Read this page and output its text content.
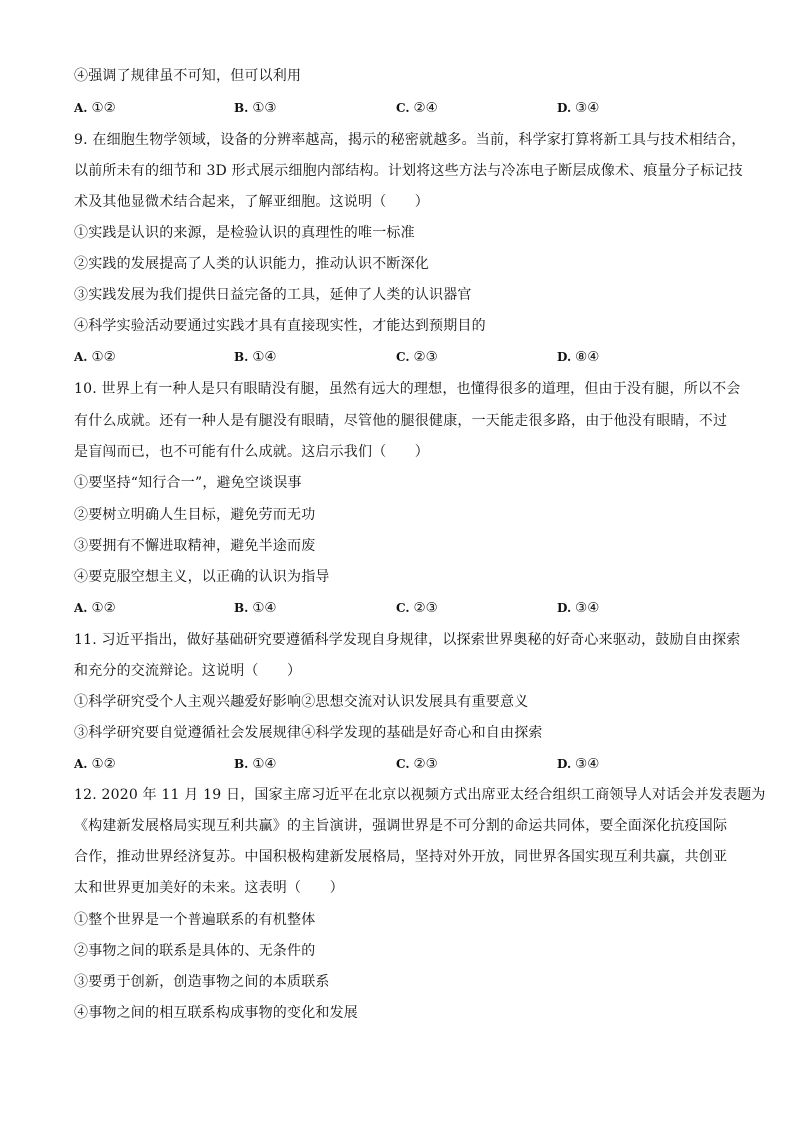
④强调了规律虽不可知，但可以利用
A. ①②	B. ①③	C. ②④	D. ③④
9. 在细胞生物学领域，设备的分辨率越高，揭示的秘密就越多。当前，科学家打算将新工具与技术相结合，
以前所未有的细节和 3D 形式展示细胞内部结构。计划将这些方法与冷冻电子断层成像术、痕量分子标记技
术及其他显微术结合起来，了解亚细胞。这说明（　　）
①实践是认识的来源，是检验认识的真理性的唯一标准
②实践的发展提高了人类的认识能力，推动认识不断深化
③实践发展为我们提供日益完备的工具，延伸了人类的认识器官
④科学实验活动要通过实践才具有直接现实性，才能达到预期目的
A. ①②	B. ①④	C. ②③	D. ⑧④
10. 世界上有一种人是只有眼睛没有腿，虽然有远大的理想，也懂得很多的道理，但由于没有腿，所以不会
有什么成就。还有一种人是有腿没有眼睛，尽管他的腿很健康，一天能走很多路，由于他没有眼睛，不过
是盲闯而已，也不可能有什么成就。这启示我们（　　）
①要坚持“知行合一”，避免空谈误事
②要树立明确人生目标，避免劳而无功
③要拥有不懈进取精神，避免半途而废
④要克服空想主义，以正确的认识为指导
A. ①②	B. ①④	C. ②③	D. ③④
11. 习近平指出，做好基础研究要遵循科学发现自身规律，以探索世界奥秘的好奇心来驱动，鼓励自由探索
和充分的交流辩论。这说明（　　）
①科学研究受个人主观兴趣爱好影响②思想交流对认识发展具有重要意义
③科学研究要自觉遵循社会发展规律④科学发现的基础是好奇心和自由探索
A. ①②	B. ①④	C. ②③	D. ③④
12. 2020 年 11 月 19 日，国家主席习近平在北京以视频方式出席亚太经合组织工商领导人对话会并发表题为
《构建新发展格局实现互利共赢》的主旨演讲，强调世界是不可分割的命运共同体，要全面深化抗疫国际
合作，推动世界经济复苏。中国积极构建新发展格局，坚持对外开放，同世界各国实现互利共赢，共创亚
太和世界更加美好的未来。这表明（　　）
①整个世界是一个普遍联系的有机整体
②事物之间的联系是具体的、无条件的
③要勇于创新，创造事物之间的本质联系
④事物之间的相互联系构成事物的变化和发展
